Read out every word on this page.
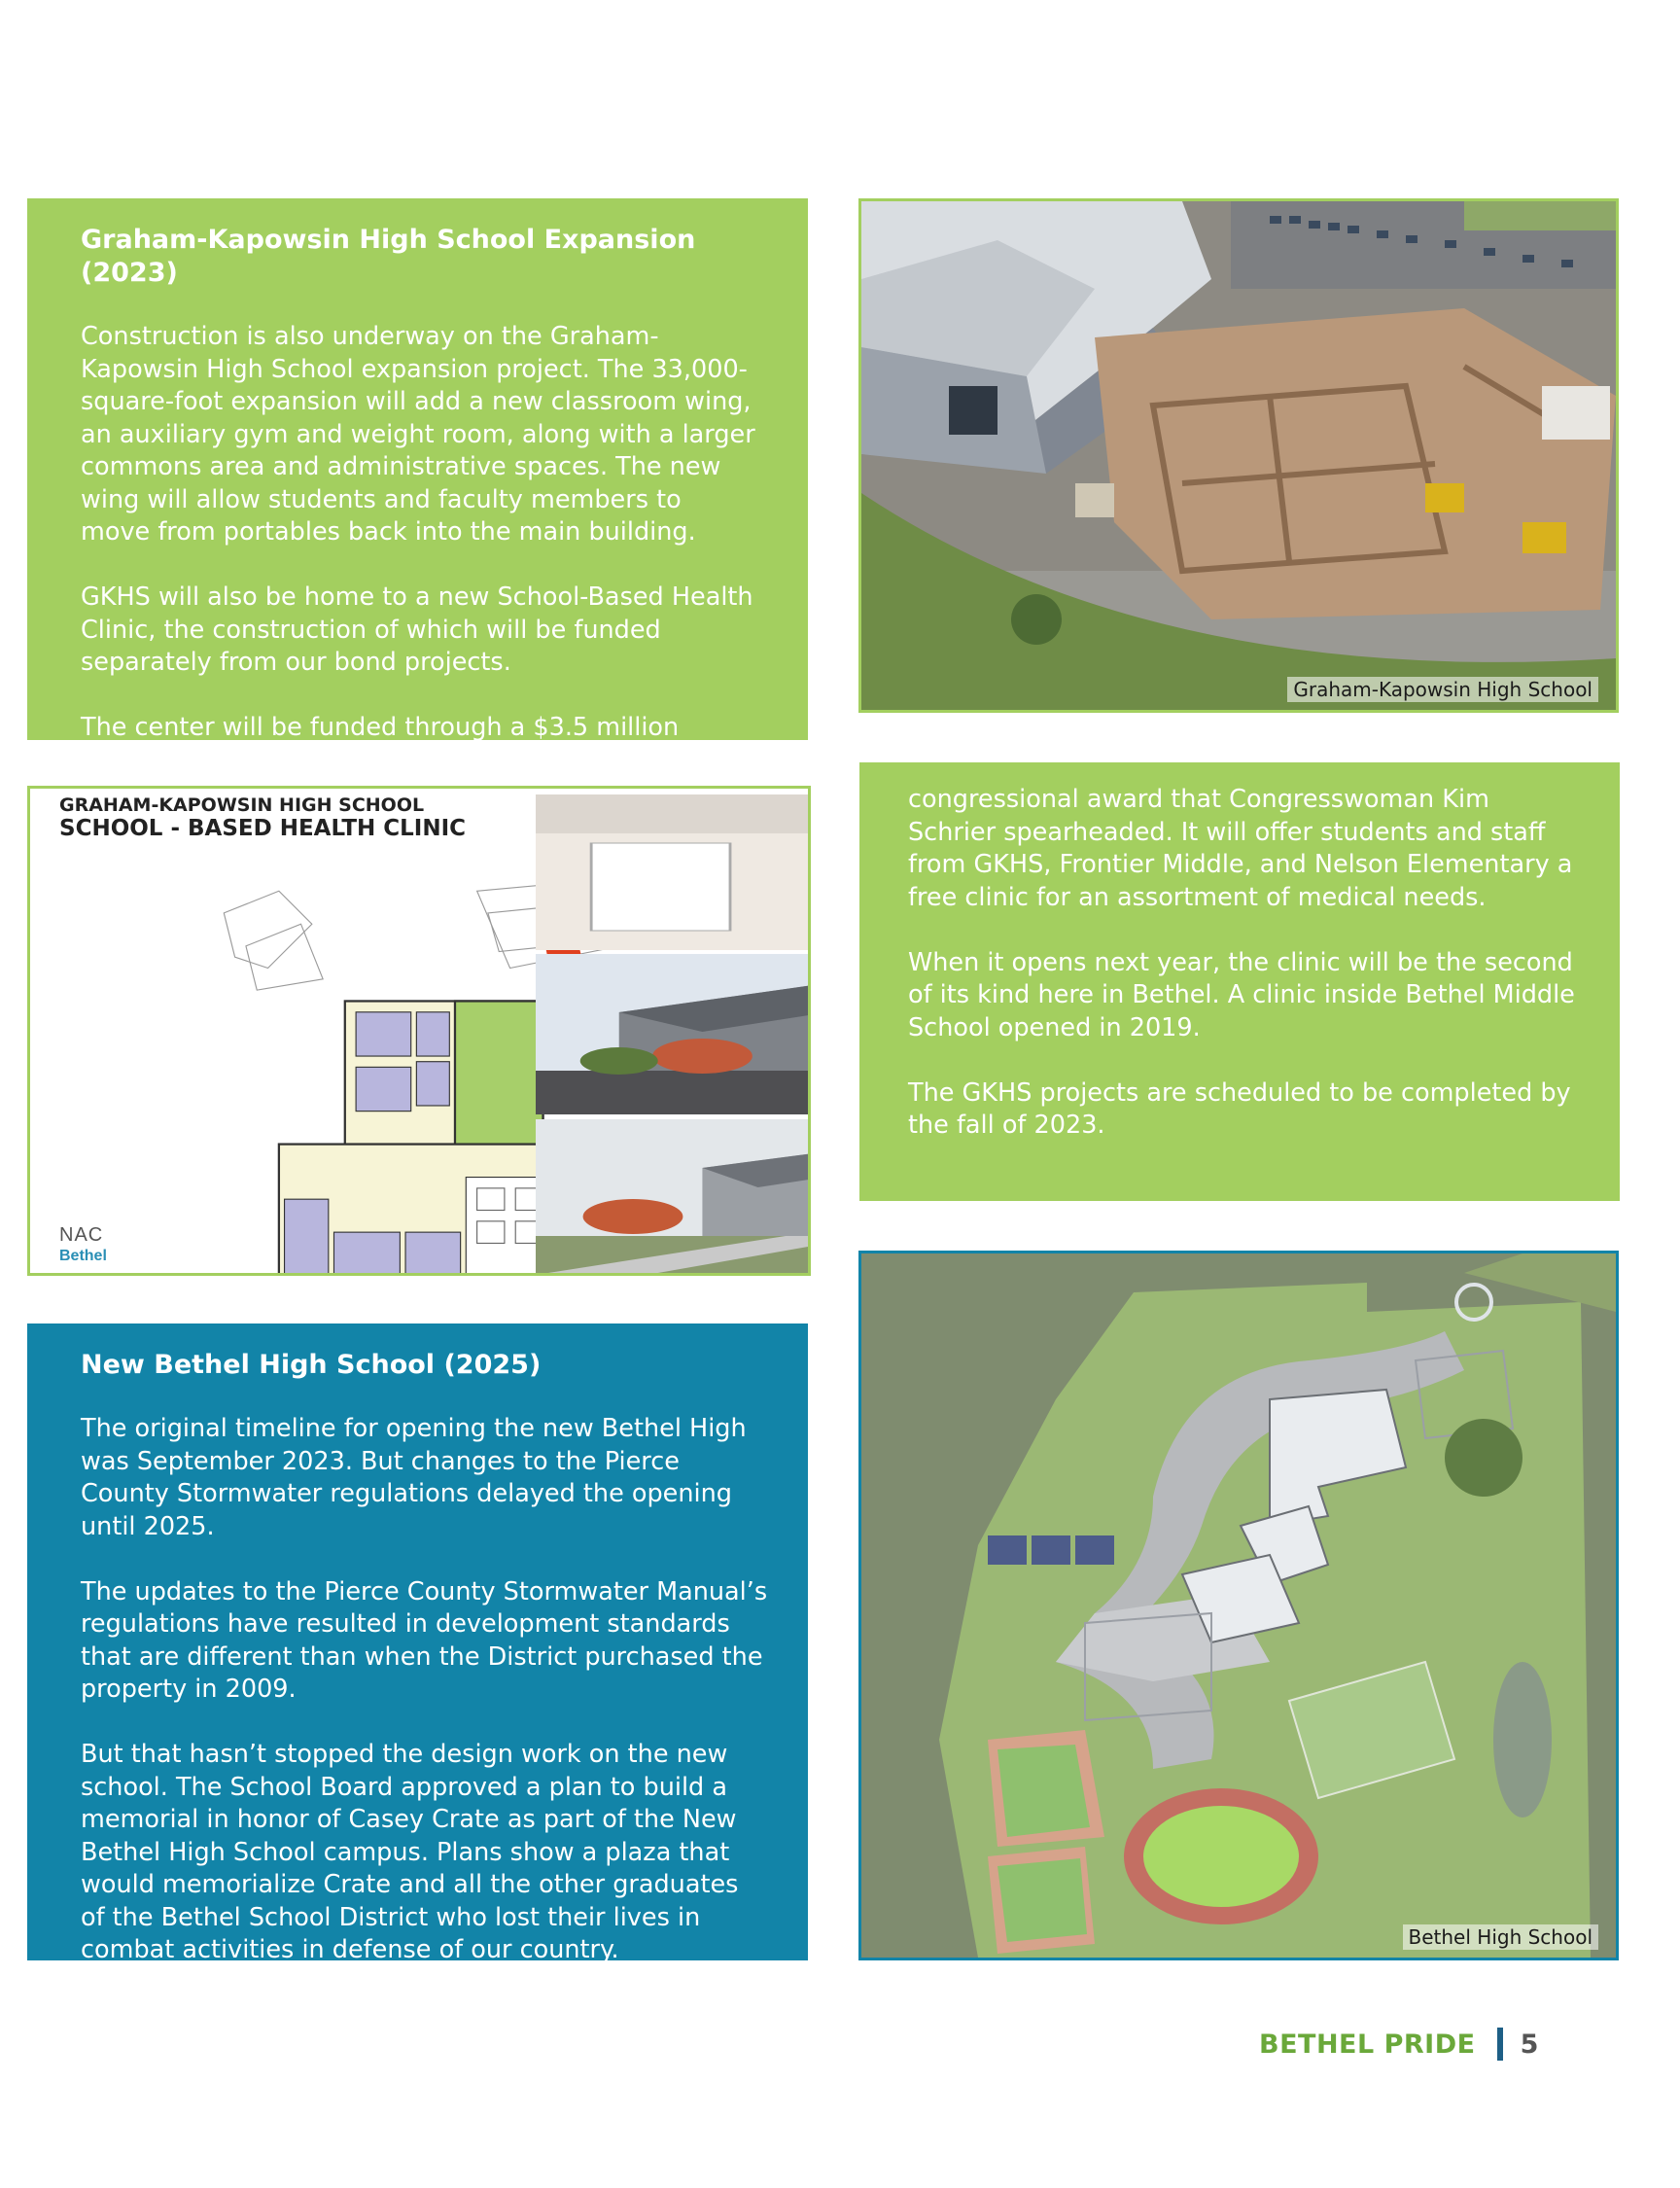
Graham-Kapowsin High School Expansion (2023)

Construction is also underway on the Graham-Kapowsin High School expansion project. The 33,000-square-foot expansion will add a new classroom wing, an auxiliary gym and weight room, along with a larger commons area and administrative spaces. The new wing will allow students and faculty members to move from portables back into the main building.

GKHS will also be home to a new School-Based Health Clinic, the construction of which will be funded separately from our bond projects.

The center will be funded through a $3.5 million

Graham-Kapowsin High School
GRAHAM-KAPOWSIN HIGH SCHOOL
SCHOOL - BASED HEALTH CLINIC
NAC
Bethel

congressional award that Congresswoman Kim Schrier spearheaded. It will offer students and staff from GKHS, Frontier Middle, and Nelson Elementary a free clinic for an assortment of medical needs.

When it opens next year, the clinic will be the second of its kind here in Bethel. A clinic inside Bethel Middle School opened in 2019.

The GKHS projects are scheduled to be completed by the fall of 2023.

New Bethel High School (2025)

The original timeline for opening the new Bethel High was September 2023. But changes to the Pierce County Stormwater regulations delayed the opening until 2025.

The updates to the Pierce County Stormwater Manual’s regulations have resulted in development standards that are different than when the District purchased the property in 2009.

But that hasn’t stopped the design work on the new school. The School Board approved a plan to build a memorial in honor of Casey Crate as part of the New Bethel High School campus. Plans show a plaza that would memorialize Crate and all the other graduates of the Bethel School District who lost their lives in combat activities in defense of our country.	Bethel High School
BETHEL PRIDE 5
